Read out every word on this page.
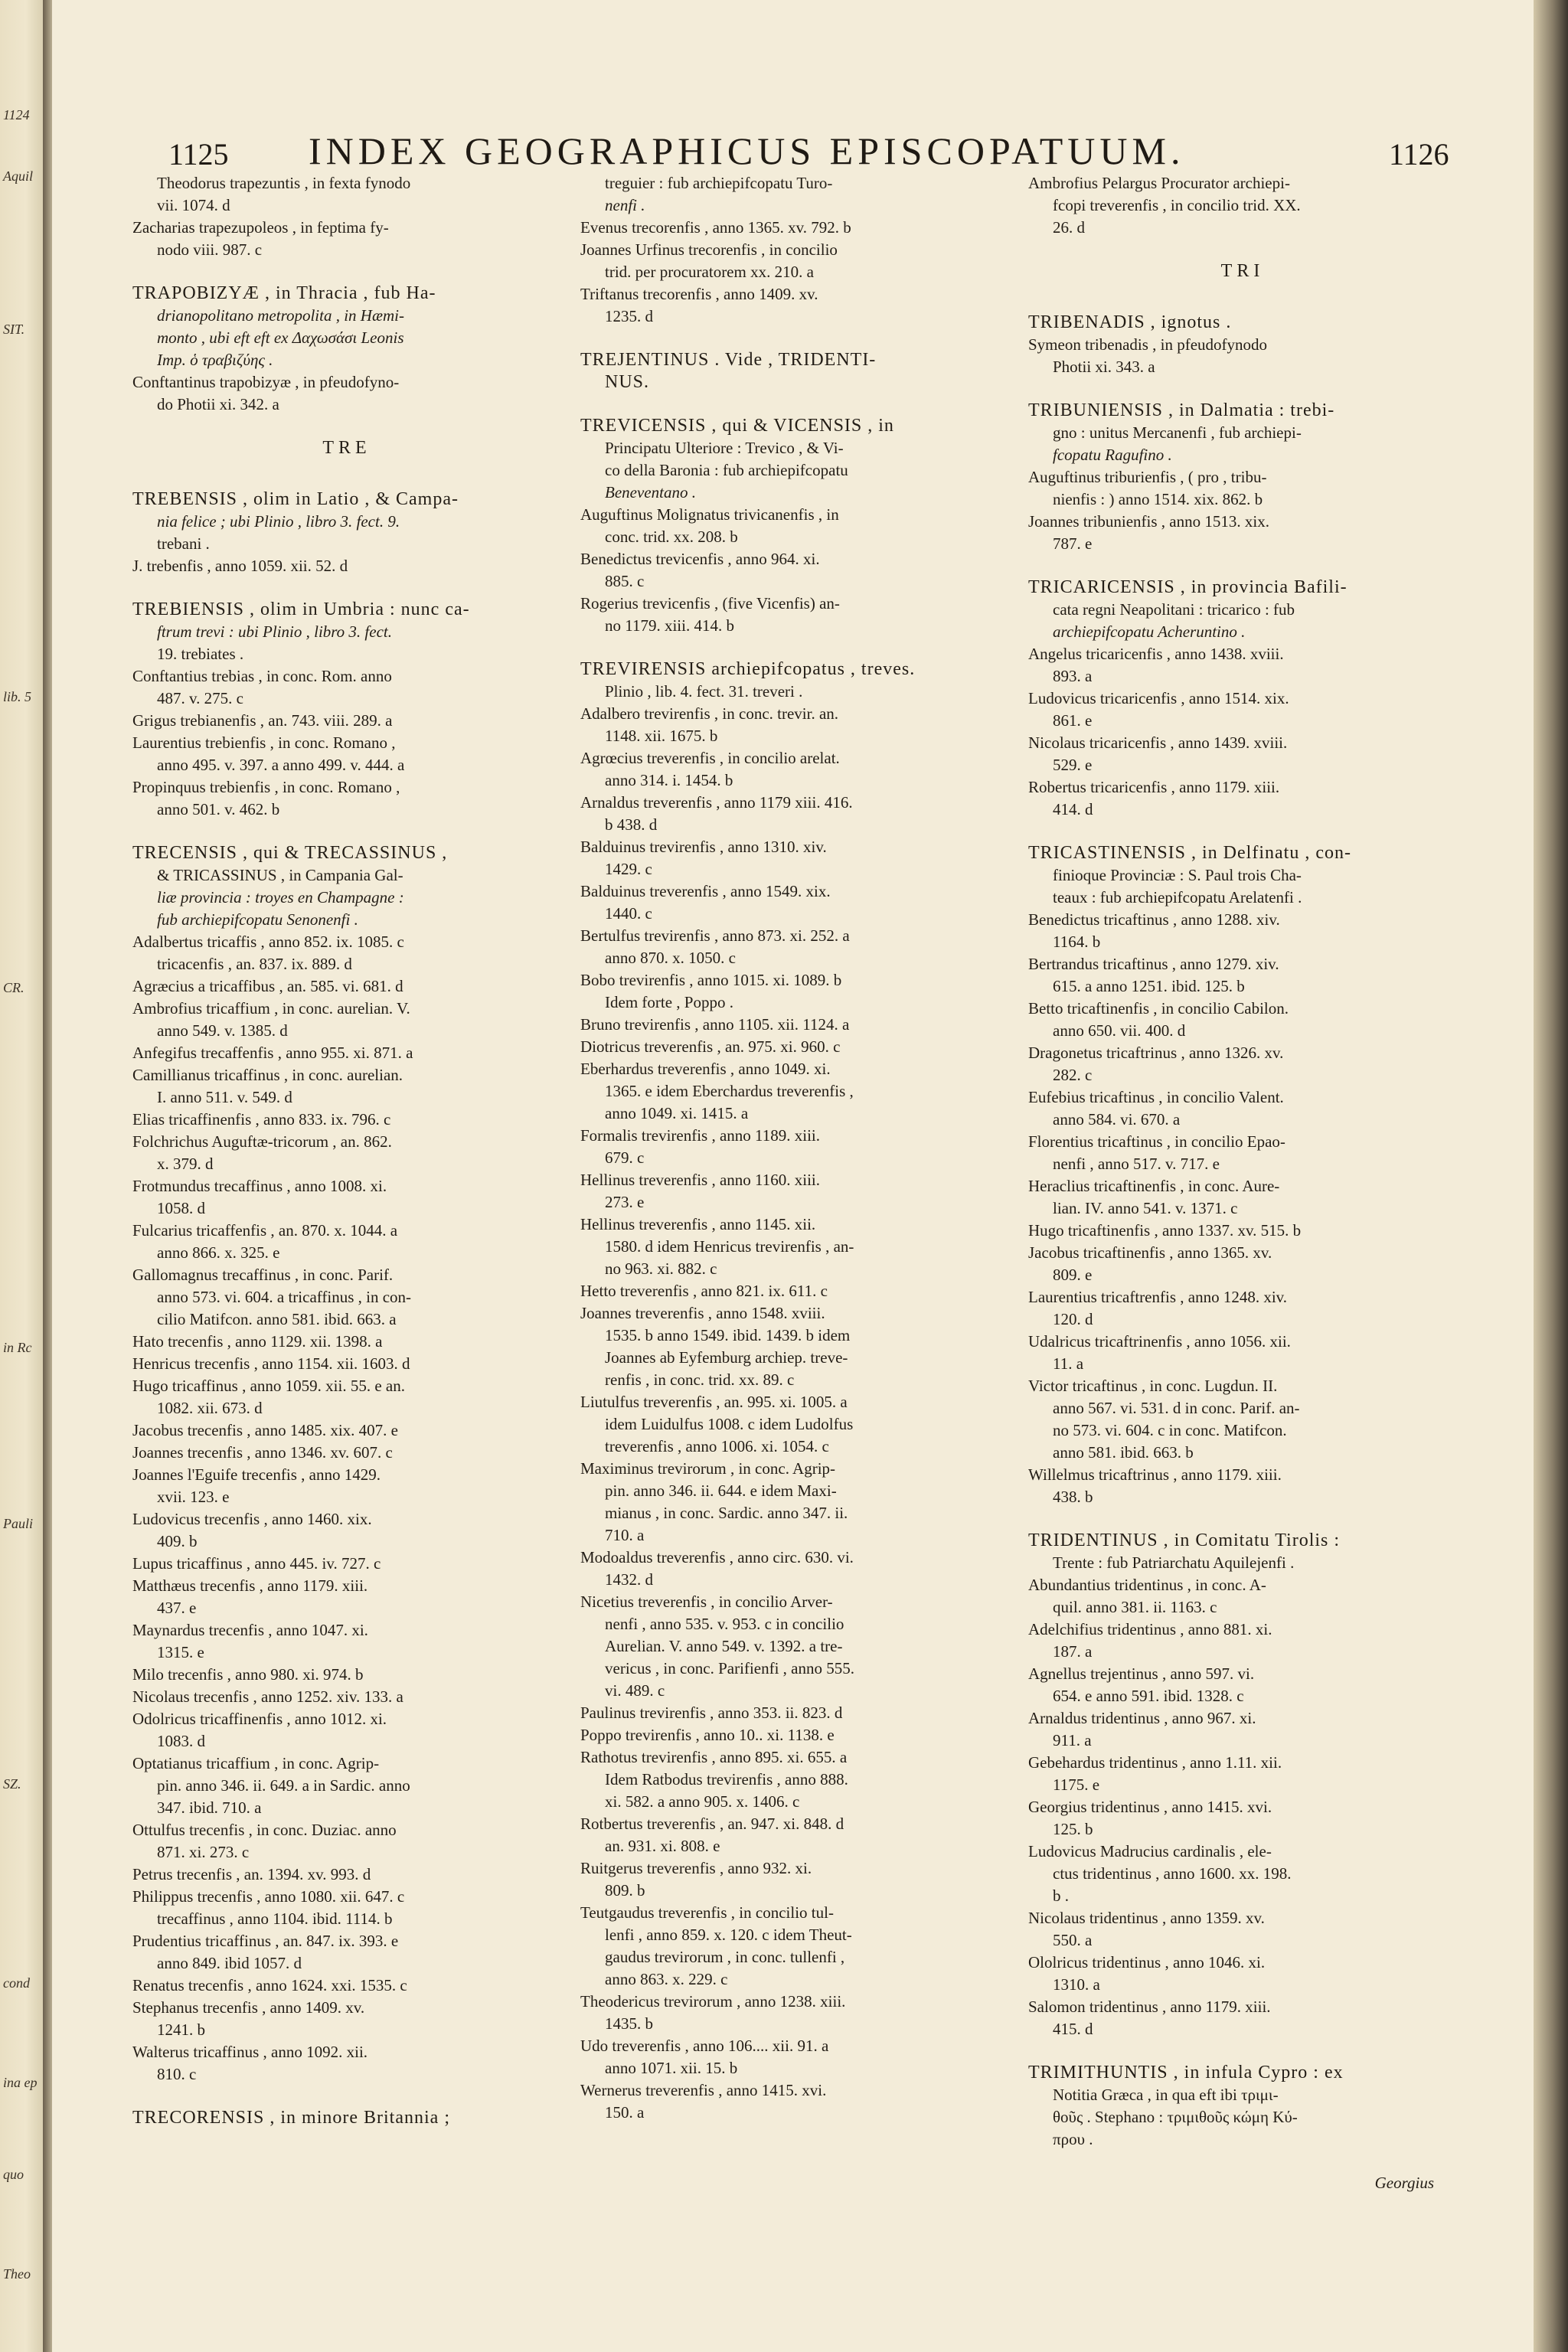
1124
Aquil
SIT.
lib. 5
CR.
in Rc
Pauli
SZ.
cond
ina ep
quo
Theo
1125 INDEX GEOGRAPHICUS EPISCOPATUUM.	1126
Theodorus trapezuntis , in fexta fynodo
vii. 1074. d
Zacharias trapezupoleos , in feptima fy-
nodo viii. 987. c
TRAPOBIZYÆ , in Thracia , fub Ha-
drianopolitano metropolita , in Hæmi-
monto , ubi eft eft ex Δαχωσάσι Leonis
Imp. ὁ τραβιζύης .
Conftantinus trapobizyæ , in pfeudofyno-
do Photii xi. 342. a
TRE
TREBENSIS , olim in Latio , & Campa-
nia felice ; ubi Plinio , libro 3. fect. 9.
trebani .
J. trebenfis , anno 1059. xii. 52. d
TREBIENSIS , olim in Umbria : nunc ca-
ftrum trevi : ubi Plinio , libro 3. fect.
19. trebiates .
Conftantius trebias , in conc. Rom. anno
487. v. 275. c
Grigus trebianenfis , an. 743. viii. 289. a
Laurentius trebienfis , in conc. Romano ,
anno 495. v. 397. a anno 499. v. 444. a
Propinquus trebienfis , in conc. Romano ,
anno 501. v. 462. b
TRECENSIS , qui & TRECASSINUS ,
& TRICASSINUS , in Campania Gal-
liæ provincia : troyes en Champagne :
fub archiepifcopatu Senonenfi .
Adalbertus tricaffis , anno 852. ix. 1085. c
tricacenfis , an. 837. ix. 889. d
Agræcius a tricaffibus , an. 585. vi. 681. d
Ambrofius tricaffium , in conc. aurelian. V.
anno 549. v. 1385. d
Anfegifus trecaffenfis , anno 955. xi. 871. a
Camillianus tricaffinus , in conc. aurelian.
I. anno 511. v. 549. d
Elias tricaffinenfis , anno 833. ix. 796. c
Folchrichus Auguftæ-tricorum , an. 862.
x. 379. d
Frotmundus trecaffinus , anno 1008. xi.
1058. d
Fulcarius tricaffenfis , an. 870. x. 1044. a
anno 866. x. 325. e
Gallomagnus trecaffinus , in conc. Parif.
anno 573. vi. 604. a tricaffinus , in con-
cilio Matifcon. anno 581. ibid. 663. a
Hato trecenfis , anno 1129. xii. 1398. a
Henricus trecenfis , anno 1154. xii. 1603. d
Hugo tricaffinus , anno 1059. xii. 55. e an.
1082. xii. 673. d
Jacobus trecenfis , anno 1485. xix. 407. e
Joannes trecenfis , anno 1346. xv. 607. c
Joannes l'Eguife trecenfis , anno 1429.
xvii. 123. e
Ludovicus trecenfis , anno 1460. xix.
409. b
Lupus tricaffinus , anno 445. iv. 727. c
Matthæus trecenfis , anno 1179. xiii.
437. e
Maynardus trecenfis , anno 1047. xi.
1315. e
Milo trecenfis , anno 980. xi. 974. b
Nicolaus trecenfis , anno 1252. xiv. 133. a
Odolricus tricaffinenfis , anno 1012. xi.
1083. d
Optatianus tricaffium , in conc. Agrip-
pin. anno 346. ii. 649. a in Sardic. anno
347. ibid. 710. a
Ottulfus trecenfis , in conc. Duziac. anno
871. xi. 273. c
Petrus trecenfis , an. 1394. xv. 993. d
Philippus trecenfis , anno 1080. xii. 647. c
trecaffinus , anno 1104. ibid. 1114. b
Prudentius tricaffinus , an. 847. ix. 393. e
anno 849. ibid 1057. d
Renatus trecenfis , anno 1624. xxi. 1535. c
Stephanus trecenfis , anno 1409. xv.
1241. b
Walterus tricaffinus , anno 1092. xii.
810. c
TRECORENSIS , in minore Britannia ;
treguier : fub archiepifcopatu Turo-
nenfi .
Evenus trecorenfis , anno 1365. xv. 792. b
Joannes Urfinus trecorenfis , in concilio
trid. per procuratorem xx. 210. a
Triftanus trecorenfis , anno 1409. xv.
1235. d
TREJENTINUS . Vide , TRIDENTI-
NUS.
TREVICENSIS , qui & VICENSIS , in
Principatu Ulteriore : Trevico , & Vi-
co della Baronia : fub archiepifcopatu
Beneventano .
Auguftinus Molignatus trivicanenfis , in
conc. trid. xx. 208. b
Benedictus trevicenfis , anno 964. xi.
885. c
Rogerius trevicenfis , (five Vicenfis) an-
no 1179. xiii. 414. b
TREVIRENSIS archiepifcopatus , treves.
Plinio , lib. 4. fect. 31. treveri .
Adalbero trevirenfis , in conc. trevir. an.
1148. xii. 1675. b
Agrœcius treverenfis , in concilio arelat.
anno 314. i. 1454. b
Arnaldus treverenfis , anno 1179 xiii. 416.
b 438. d
Balduinus trevirenfis , anno 1310. xiv.
1429. c
Balduinus treverenfis , anno 1549. xix.
1440. c
Bertulfus trevirenfis , anno 873. xi. 252. a
anno 870. x. 1050. c
Bobo trevirenfis , anno 1015. xi. 1089. b
Idem forte , Poppo .
Bruno trevirenfis , anno 1105. xii. 1124. a
Diotricus treverenfis , an. 975. xi. 960. c
Eberhardus treverenfis , anno 1049. xi.
1365. e idem Eberchardus treverenfis ,
anno 1049. xi. 1415. a
Formalis trevirenfis , anno 1189. xiii.
679. c
Hellinus treverenfis , anno 1160. xiii.
273. e
Hellinus treverenfis , anno 1145. xii.
1580. d idem Henricus trevirenfis , an-
no 963. xi. 882. c
Hetto treverenfis , anno 821. ix. 611. c
Joannes treverenfis , anno 1548. xviii.
1535. b anno 1549. ibid. 1439. b idem
Joannes ab Eyfemburg archiep. treve-
renfis , in conc. trid. xx. 89. c
Liutulfus treverenfis , an. 995. xi. 1005. a
idem Luidulfus 1008. c idem Ludolfus
treverenfis , anno 1006. xi. 1054. c
Maximinus trevirorum , in conc. Agrip-
pin. anno 346. ii. 644. e idem Maxi-
mianus , in conc. Sardic. anno 347. ii.
710. a
Modoaldus treverenfis , anno circ. 630. vi.
1432. d
Nicetius treverenfis , in concilio Arver-
nenfi , anno 535. v. 953. c in concilio
Aurelian. V. anno 549. v. 1392. a tre-
vericus , in conc. Parifienfi , anno 555.
vi. 489. c
Paulinus trevirenfis , anno 353. ii. 823. d
Poppo trevirenfis , anno 10.. xi. 1138. e
Rathotus trevirenfis , anno 895. xi. 655. a
Idem Ratbodus trevirenfis , anno 888.
xi. 582. a anno 905. x. 1406. c
Rotbertus treverenfis , an. 947. xi. 848. d
an. 931. xi. 808. e
Ruitgerus treverenfis , anno 932. xi.
809. b
Teutgaudus treverenfis , in concilio tul-
lenfi , anno 859. x. 120. c idem Theut-
gaudus trevirorum , in conc. tullenfi ,
anno 863. x. 229. c
Theodericus trevirorum , anno 1238. xiii.
1435. b
Udo treverenfis , anno 106.... xii. 91. a
anno 1071. xii. 15. b
Wernerus treverenfis , anno 1415. xvi.
150. a
Ambrofius Pelargus Procurator archiepi-
fcopi treverenfis , in concilio trid. XX.
26. d
TRI
TRIBENADIS , ignotus .
Symeon tribenadis , in pfeudofynodo
Photii xi. 343. a
TRIBUNIENSIS , in Dalmatia : trebi-
gno : unitus Mercanenfi , fub archiepi-
fcopatu Ragufino .
Auguftinus triburienfis , ( pro , tribu-
nienfis : ) anno 1514. xix. 862. b
Joannes tribunienfis , anno 1513. xix.
787. e
TRICARICENSIS , in provincia Bafili-
cata regni Neapolitani : tricarico : fub
archiepifcopatu Acheruntino .
Angelus tricaricenfis , anno 1438. xviii.
893. a
Ludovicus tricaricenfis , anno 1514. xix.
861. e
Nicolaus tricaricenfis , anno 1439. xviii.
529. e
Robertus tricaricenfis , anno 1179. xiii.
414. d
TRICASTINENSIS , in Delfinatu , con-
finioque Provinciæ : S. Paul trois Cha-
teaux : fub archiepifcopatu Arelatenfi .
Benedictus tricaftinus , anno 1288. xiv.
1164. b
Bertrandus tricaftinus , anno 1279. xiv.
615. a anno 1251. ibid. 125. b
Betto tricaftinenfis , in concilio Cabilon.
anno 650. vii. 400. d
Dragonetus tricaftrinus , anno 1326. xv.
282. c
Eufebius tricaftinus , in concilio Valent.
anno 584. vi. 670. a
Florentius tricaftinus , in concilio Epao-
nenfi , anno 517. v. 717. e
Heraclius tricaftinenfis , in conc. Aure-
lian. IV. anno 541. v. 1371. c
Hugo tricaftinenfis , anno 1337. xv. 515. b
Jacobus tricaftinenfis , anno 1365. xv.
809. e
Laurentius tricaftrenfis , anno 1248. xiv.
120. d
Udalricus tricaftrinenfis , anno 1056. xii.
11. a
Victor tricaftinus , in conc. Lugdun. II.
anno 567. vi. 531. d in conc. Parif. an-
no 573. vi. 604. c in conc. Matifcon.
anno 581. ibid. 663. b
Willelmus tricaftrinus , anno 1179. xiii.
438. b
TRIDENTINUS , in Comitatu Tirolis :
Trente : fub Patriarchatu Aquilejenfi .
Abundantius tridentinus , in conc. A-
quil. anno 381. ii. 1163. c
Adelchifius tridentinus , anno 881. xi.
187. a
Agnellus trejentinus , anno 597. vi.
654. e anno 591. ibid. 1328. c
Arnaldus tridentinus , anno 967. xi.
911. a
Gebehardus tridentinus , anno 1.11. xii.
1175. e
Georgius tridentinus , anno 1415. xvi.
125. b
Ludovicus Madrucius cardinalis , ele-
ctus tridentinus , anno 1600. xx. 198.
b .
Nicolaus tridentinus , anno 1359. xv.
550. a
Ololricus tridentinus , anno 1046. xi.
1310. a
Salomon tridentinus , anno 1179. xiii.
415. d
TRIMITHUNTIS , in infula Cypro : ex
Notitia Græca , in qua eft ibi τριμι-
θοῦς . Stephano : τριμιθοῦς κώμη Κύ-
πρου .
Georgius
